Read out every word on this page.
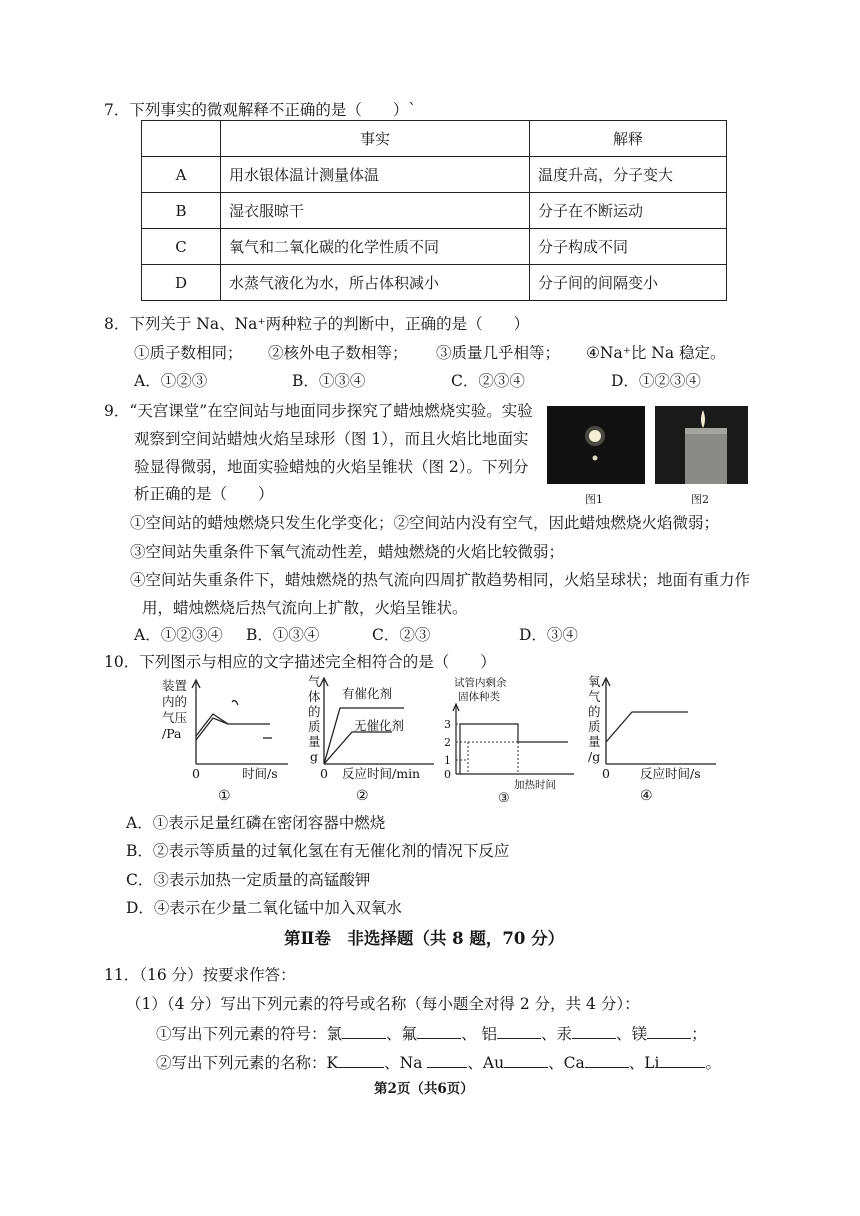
7．下列事实的微观解释不正确的是（　　）`
	事实	解释
A	用水银体温计测量体温	温度升高，分子变大
B	湿衣服晾干	分子在不断运动
C	氧气和二氧化碳的化学性质不同	分子构成不同
D	水蒸气液化为水，所占体积减小	分子间的间隔变小
8．下列关于 Na、Na⁺两种粒子的判断中，正确的是（　　）
①质子数相同； ②核外电子数相等； ③质量几乎相等； ④Na⁺比 Na 稳定。
A．①②③	B．①③④	C．②③④	D．①②③④
9．“天宫课堂”在空间站与地面同步探究了蜡烛燃烧实验。实验
观察到空间站蜡烛火焰呈球形（图 1），而且火焰比地面实
验显得微弱，地面实验蜡烛的火焰呈锥状（图 2）。下列分
析正确的是（　　）	图1	图2
①空间站的蜡烛燃烧只发生化学变化；②空间站内没有空气，因此蜡烛燃烧火焰微弱；
③空间站失重条件下氧气流动性差，蜡烛燃烧的火焰比较微弱；
④空间站失重条件下，蜡烛燃烧的热气流向四周扩散趋势相同，火焰呈球状；地面有重力作
用，蜡烛燃烧后热气流向上扩散，火焰呈锥状。
A．①②③④ B．①③④	C．②③	D．③④
10．下列图示与相应的文字描述完全相符合的是（　　）
装置
内的
气压
/Pa
0	时间/s
①
气
体
的
质
量
g
0 反应时间/min
有催化剂
无催化剂
②
试管内剩余
固体种类
3
2
1
0
加热时间
③
氧
气
的
质
量
/g
0 反应时间/s
④
A．①表示足量红磷在密闭容器中燃烧
B．②表示等质量的过氧化氢在有无催化剂的情况下反应
C．③表示加热一定质量的高锰酸钾
D．④表示在少量二氧化锰中加入双氧水
第Ⅱ卷　非选择题（共 8 题，70 分）
11．（16 分）按要求作答：
（1）（4 分）写出下列元素的符号或名称（每小题全对得 2 分，共 4 分）：
①写出下列元素的符号：氯	、氟	、 铝	、汞	、镁	；
②写出下列元素的名称：K	、Na	、Au	、Ca	、Li	。
第2页（共6页）
